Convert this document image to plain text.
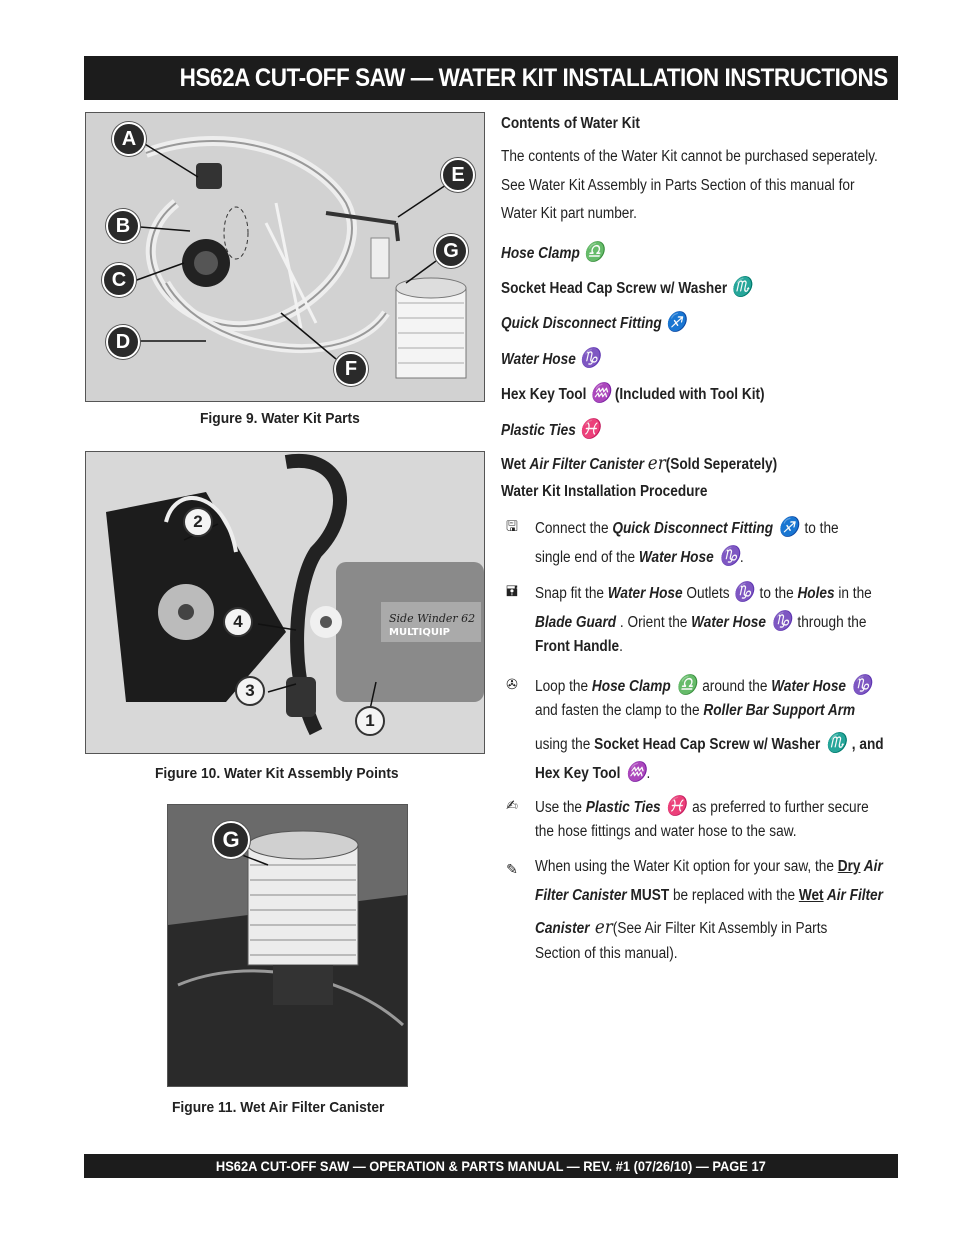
HS62A CUT-OFF SAW — WATER KIT INSTALLATION INSTRUCTIONS
A
B
C
D
E
F
G
Figure 9. Water Kit Parts
Side Winder 62
MULTIQUIP
2
4
3
1
Figure 10. Water Kit Assembly Points
G
Figure 11. Wet Air Filter Canister
Contents of Water Kit
The contents of the Water Kit cannot be purchased seperately.
See Water Kit Assembly in Parts Section of this manual for
Water Kit part number.
Hose Clamp ♎
Socket Head Cap Screw w/ Washer ♏
Quick Disconnect Fitting ♐
Water Hose ♑
Hex Key Tool ♒ (Included with Tool Kit)
Plastic Ties ♓
Wet Air Filter Canister er(Sold Seperately)
Water Kit Installation Procedure
🖫 Connect the Quick Disconnect Fitting ♐ to the
single end of the Water Hose ♑.
🖬 Snap fit the Water Hose Outlets ♑ to the Holes in the
Blade Guard . Orient the Water Hose ♑ through the
Front Handle.
✇ Loop the Hose Clamp ♎ around the Water Hose ♑
and fasten the clamp to the Roller Bar Support Arm
using the Socket Head Cap Screw w/ Washer ♏ , and
Hex Key Tool ♒.
✍ Use the Plastic Ties ♓ as preferred to further secure
the hose fittings and water hose to the saw.
✎ When using the Water Kit option for your saw, the Dry Air
Filter Canister MUST be replaced with the Wet Air Filter
Canister er(See Air Filter Kit Assembly in Parts
Section of this manual).
HS62A CUT-OFF SAW — OPERATION & PARTS MANUAL — REV. #1 (07/26/10) — PAGE 17
